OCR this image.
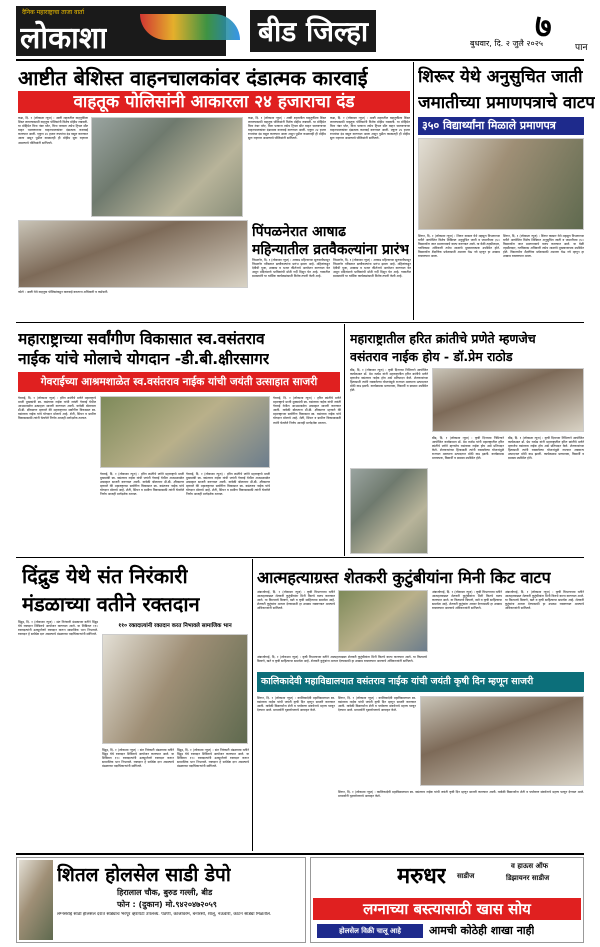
दैनिक महाराष्ट्राचा ताजा वार्ता
लोकाशा	बीड जिल्हा	बुधवार, दि. २ जुलै २०२५
७
पान
आष्टीत बेशिस्त वाहनचालकांवर दंडात्मक कारवाई
वाहतूक पोलिसांनी आकारला २४ हजाराचा दंड
कडा, दि. १ (लोकाशा न्यूज) : आष्टी शहरातील वाहतुकीला शिस्त लावण्यासाठी वाहतूक पोलिसांनी विशेष मोहीम राबवली. या मोहिमेत विना नंबर प्लेट, विना परवाना तसेच ट्रिपल सीट वाहन चालवणाऱ्या वाहनचालकांवर दंडात्मक कारवाई करण्यात आली. एकूण २४ हजार रुपयांचा दंड वसूल करण्यात आला असून पुढील काळातही ही मोहीम सुरू राहणार असल्याचे पोलिसांनी सांगितले.
कडा, दि. १ (लोकाशा न्यूज) : आष्टी शहरातील वाहतुकीला शिस्त लावण्यासाठी वाहतूक पोलिसांनी विशेष मोहीम राबवली. या मोहिमेत विना नंबर प्लेट, विना परवाना तसेच ट्रिपल सीट वाहन चालवणाऱ्या वाहनचालकांवर दंडात्मक कारवाई करण्यात आली. एकूण २४ हजार रुपयांचा दंड वसूल करण्यात आला असून पुढील काळातही ही मोहीम सुरू राहणार असल्याचे पोलिसांनी सांगितले.
कडा, दि. १ (लोकाशा न्यूज) : आष्टी शहरातील वाहतुकीला शिस्त लावण्यासाठी वाहतूक पोलिसांनी विशेष मोहीम राबवली. या मोहिमेत विना नंबर प्लेट, विना परवाना तसेच ट्रिपल सीट वाहन चालवणाऱ्या वाहनचालकांवर दंडात्मक कारवाई करण्यात आली. एकूण २४ हजार रुपयांचा दंड वसूल करण्यात आला असून पुढील काळातही ही मोहीम सुरू राहणार असल्याचे पोलिसांनी सांगितले.
फोटो : आष्टी येथे वाहतूक पोलिसांकडून कारवाई करताना अधिकारी व कर्मचारी.
शिरूर येथे अनुसुचित जाती
जमातीच्या प्रमाणपत्राचे वाटप
३५० विद्यार्थ्यांना मिळाले प्रमाणपत्र
शिरूर, दि. १ (लोकाशा न्यूज) : शिरूर कासार येथे महसूल विभागाच्या वतीने आयोजित विशेष शिबिरात अनुसुचित जाती व जमातीच्या ३५० विद्यार्थ्यांना जात प्रमाणपत्राचे वाटप करण्यात आले. या वेळी तहसीलदार, गटविकास अधिकारी तसेच शाळांचे मुख्याध्यापक उपस्थित होते. विद्यार्थ्यांना शैक्षणिक प्रवेशासाठी अडचण येऊ नये म्हणून हा उपक्रम राबवण्यात आला.
शिरूर, दि. १ (लोकाशा न्यूज) : शिरूर कासार येथे महसूल विभागाच्या वतीने आयोजित विशेष शिबिरात अनुसुचित जाती व जमातीच्या ३५० विद्यार्थ्यांना जात प्रमाणपत्राचे वाटप करण्यात आले. या वेळी तहसीलदार, गटविकास अधिकारी तसेच शाळांचे मुख्याध्यापक उपस्थित होते. विद्यार्थ्यांना शैक्षणिक प्रवेशासाठी अडचण येऊ नये म्हणून हा उपक्रम राबवण्यात आला.
पिंपळनेरात आषाढ
महिन्यातील व्रतवैकल्यांना प्रारंभ
पिंपळनेर, दि. १ (लोकाशा न्यूज) : आषाढ महिन्याच्या सुरुवातीपासून पिंपळनेर परिसरात व्रतवैकल्यांना प्रारंभ झाला आहे. महिलांकडून देवीची पूजा, उपवास व भजन कीर्तनाचे आयोजन करण्यात येत असून मंदिरांमध्ये भाविकांची मोठी गर्दी दिसून येत आहे. गावातील ग्रामस्थांनी या धार्मिक कार्यक्रमांसाठी विशेष तयारी केली आहे.
पिंपळनेर, दि. १ (लोकाशा न्यूज) : आषाढ महिन्याच्या सुरुवातीपासून पिंपळनेर परिसरात व्रतवैकल्यांना प्रारंभ झाला आहे. महिलांकडून देवीची पूजा, उपवास व भजन कीर्तनाचे आयोजन करण्यात येत असून मंदिरांमध्ये भाविकांची मोठी गर्दी दिसून येत आहे. गावातील ग्रामस्थांनी या धार्मिक कार्यक्रमांसाठी विशेष तयारी केली आहे.
महाराष्ट्राच्या सर्वांगीण विकासात स्व.वसंतराव
नाईक यांचे मोलाचे योगदान -डी.बी.क्षीरसागर
गेवराईच्या आश्रमशाळेत स्व.वसंतराव नाईक यांची जयंती उत्साहात साजरी
गेवराई, दि. १ (लोकाशा न्यूज) : हरित क्रांतीचे प्रणेते महाराष्ट्राचे माजी मुख्यमंत्री स्व. वसंतराव नाईक यांची जयंती गेवराई येथील आश्रमशाळेत उत्साहात साजरी करण्यात आली. यावेळी बोलताना डी.बी. क्षीरसागर म्हणाले की महाराष्ट्राच्या सर्वांगीण विकासात स्व. वसंतराव नाईक यांचे योगदान मोलाचे आहे. शेती, सिंचन व ग्रामीण विकासासाठी त्यांनी घेतलेले निर्णय आजही मार्गदर्शक ठरतात.
गेवराई, दि. १ (लोकाशा न्यूज) : हरित क्रांतीचे प्रणेते महाराष्ट्राचे माजी मुख्यमंत्री स्व. वसंतराव नाईक यांची जयंती गेवराई येथील आश्रमशाळेत उत्साहात साजरी करण्यात आली. यावेळी बोलताना डी.बी. क्षीरसागर म्हणाले की महाराष्ट्राच्या सर्वांगीण विकासात स्व. वसंतराव नाईक यांचे योगदान मोलाचे आहे. शेती, सिंचन व ग्रामीण विकासासाठी त्यांनी घेतलेले निर्णय आजही मार्गदर्शक ठरतात.
गेवराई, दि. १ (लोकाशा न्यूज) : हरित क्रांतीचे प्रणेते महाराष्ट्राचे माजी मुख्यमंत्री स्व. वसंतराव नाईक यांची जयंती गेवराई येथील आश्रमशाळेत उत्साहात साजरी करण्यात आली. यावेळी बोलताना डी.बी. क्षीरसागर म्हणाले की महाराष्ट्राच्या सर्वांगीण विकासात स्व. वसंतराव नाईक यांचे योगदान मोलाचे आहे. शेती, सिंचन व ग्रामीण विकासासाठी त्यांनी घेतलेले निर्णय आजही मार्गदर्शक ठरतात.
गेवराई, दि. १ (लोकाशा न्यूज) : हरित क्रांतीचे प्रणेते महाराष्ट्राचे माजी मुख्यमंत्री स्व. वसंतराव नाईक यांची जयंती गेवराई येथील आश्रमशाळेत उत्साहात साजरी करण्यात आली. यावेळी बोलताना डी.बी. क्षीरसागर म्हणाले की महाराष्ट्राच्या सर्वांगीण विकासात स्व. वसंतराव नाईक यांचे योगदान मोलाचे आहे. शेती, सिंचन व ग्रामीण विकासासाठी त्यांनी घेतलेले निर्णय आजही मार्गदर्शक ठरतात.
महाराष्ट्रातील हरित क्रांतीचे प्रणेते म्हणजेच
वसंतराव नाईक होय - डॉ.प्रेम राठोड
बीड, दि. १ (लोकाशा न्यूज) : कृषी दिनाच्या निमित्ताने आयोजित कार्यक्रमात डॉ. प्रेम राठोड यांनी महाराष्ट्रातील हरित क्रांतीचे प्रणेते म्हणजेच वसंतराव नाईक होय असे प्रतिपादन केले. शेतकऱ्यांच्या हितासाठी त्यांनी राबवलेल्या योजनांमुळे राज्यात अन्नधान्य उत्पादनात मोठी वाढ झाली. कार्यक्रमास प्राध्यापक, विद्यार्थी व ग्रामस्थ उपस्थित होते.
बीड, दि. १ (लोकाशा न्यूज) : कृषी दिनाच्या निमित्ताने आयोजित कार्यक्रमात डॉ. प्रेम राठोड यांनी महाराष्ट्रातील हरित क्रांतीचे प्रणेते म्हणजेच वसंतराव नाईक होय असे प्रतिपादन केले. शेतकऱ्यांच्या हितासाठी त्यांनी राबवलेल्या योजनांमुळे राज्यात अन्नधान्य उत्पादनात मोठी वाढ झाली. कार्यक्रमास प्राध्यापक, विद्यार्थी व ग्रामस्थ उपस्थित होते.
बीड, दि. १ (लोकाशा न्यूज) : कृषी दिनाच्या निमित्ताने आयोजित कार्यक्रमात डॉ. प्रेम राठोड यांनी महाराष्ट्रातील हरित क्रांतीचे प्रणेते म्हणजेच वसंतराव नाईक होय असे प्रतिपादन केले. शेतकऱ्यांच्या हितासाठी त्यांनी राबवलेल्या योजनांमुळे राज्यात अन्नधान्य उत्पादनात मोठी वाढ झाली. कार्यक्रमास प्राध्यापक, विद्यार्थी व ग्रामस्थ उपस्थित होते.
दिंद्रुड येथे संत निरंकारी
मंडळाच्या वतीने रक्तदान
दिंद्रुड, दि. १ (लोकाशा न्यूज) : संत निरंकारी मंडळाच्या वतीने दिंद्रुड येथे रक्तदान शिबिराचे आयोजन करण्यात आले. या शिबिरात ११० रक्तदात्यांनी उत्स्फूर्तपणे रक्तदान करून सामाजिक भान निभावले. रक्तदान हे सर्वश्रेष्ठ दान असल्याचे मंडळाच्या पदाधिकाऱ्यांनी सांगितले.
११० रक्तदात्यांनी रक्तदान करत निभावले सामाजिक भान
दिंद्रुड, दि. १ (लोकाशा न्यूज) : संत निरंकारी मंडळाच्या वतीने दिंद्रुड येथे रक्तदान शिबिराचे आयोजन करण्यात आले. या शिबिरात ११० रक्तदात्यांनी उत्स्फूर्तपणे रक्तदान करून सामाजिक भान निभावले. रक्तदान हे सर्वश्रेष्ठ दान असल्याचे मंडळाच्या पदाधिकाऱ्यांनी सांगितले.
दिंद्रुड, दि. १ (लोकाशा न्यूज) : संत निरंकारी मंडळाच्या वतीने दिंद्रुड येथे रक्तदान शिबिराचे आयोजन करण्यात आले. या शिबिरात ११० रक्तदात्यांनी उत्स्फूर्तपणे रक्तदान करून सामाजिक भान निभावले. रक्तदान हे सर्वश्रेष्ठ दान असल्याचे मंडळाच्या पदाधिकाऱ्यांनी सांगितले.
आत्महत्याग्रस्त शेतकरी कुटुंबीयांना मिनी किट वाटप
अंबाजोगाई, दि. १ (लोकाशा न्यूज) : कृषी विभागाच्या वतीने आत्महत्याग्रस्त शेतकरी कुटुंबीयांना मिनी किटचे वाटप करण्यात आले. या किटमध्ये बियाणे, खते व कृषी साहित्याचा समावेश आहे. शेतकरी कुटुंबांना आधार देण्यासाठी हा उपक्रम राबवण्यात आल्याचे अधिकाऱ्यांनी सांगितले.
अंबाजोगाई, दि. १ (लोकाशा न्यूज) : कृषी विभागाच्या वतीने आत्महत्याग्रस्त शेतकरी कुटुंबीयांना मिनी किटचे वाटप करण्यात आले. या किटमध्ये बियाणे, खते व कृषी साहित्याचा समावेश आहे. शेतकरी कुटुंबांना आधार देण्यासाठी हा उपक्रम राबवण्यात आल्याचे अधिकाऱ्यांनी सांगितले.
अंबाजोगाई, दि. १ (लोकाशा न्यूज) : कृषी विभागाच्या वतीने आत्महत्याग्रस्त शेतकरी कुटुंबीयांना मिनी किटचे वाटप करण्यात आले. या किटमध्ये बियाणे, खते व कृषी साहित्याचा समावेश आहे. शेतकरी कुटुंबांना आधार देण्यासाठी हा उपक्रम राबवण्यात आल्याचे अधिकाऱ्यांनी सांगितले.
अंबाजोगाई, दि. १ (लोकाशा न्यूज) : कृषी विभागाच्या वतीने आत्महत्याग्रस्त शेतकरी कुटुंबीयांना मिनी किटचे वाटप करण्यात आले. या किटमध्ये बियाणे, खते व कृषी साहित्याचा समावेश आहे. शेतकरी कुटुंबांना आधार देण्यासाठी हा उपक्रम राबवण्यात आल्याचे अधिकाऱ्यांनी सांगितले.
कालिकादेवी महाविद्यालयात वसंतराव नाईक यांची जयंती कृषी दिन म्हणून साजरी
शिरूर, दि. १ (लोकाशा न्यूज) : कालिकादेवी महाविद्यालयात स्व. वसंतराव नाईक यांची जयंती कृषी दिन म्हणून साजरी करण्यात आली. यावेळी विद्यार्थ्यांना शेती व पर्यावरण संवर्धनाचे महत्त्व पटवून देण्यात आले. प्राचार्यांनी वृक्षारोपणाचे आवाहन केले.
शिरूर, दि. १ (लोकाशा न्यूज) : कालिकादेवी महाविद्यालयात स्व. वसंतराव नाईक यांची जयंती कृषी दिन म्हणून साजरी करण्यात आली. यावेळी विद्यार्थ्यांना शेती व पर्यावरण संवर्धनाचे महत्त्व पटवून देण्यात आले. प्राचार्यांनी वृक्षारोपणाचे आवाहन केले.
शिरूर, दि. १ (लोकाशा न्यूज) : कालिकादेवी महाविद्यालयात स्व. वसंतराव नाईक यांची जयंती कृषी दिन म्हणून साजरी करण्यात आली. यावेळी विद्यार्थ्यांना शेती व पर्यावरण संवर्धनाचे महत्त्व पटवून देण्यात आले. प्राचार्यांनी वृक्षारोपणाचे आवाहन केले.
शितल होलसेल साडी डेपो
हिरालाल चौक, बुरुड गल्ली, बीड
फोन : (दुकान) मो.९४२०४७२०५९
लग्नसराई साठी होलसेल दरात साड्यांचे भरपूर व्हरायटी उपलब्ध. पैठणी, कांजीवरम, बनारसी, शालू, नऊवारी, कॉटन साड्या मिळतील.
मरुधर साडीज
व हाऊस ऑफ
डिझायनर साडीज
लग्नाच्या बस्त्यासाठी खास सोय
होलसेल विक्री चालू आहे	आमची कोठेही शाखा नाही
